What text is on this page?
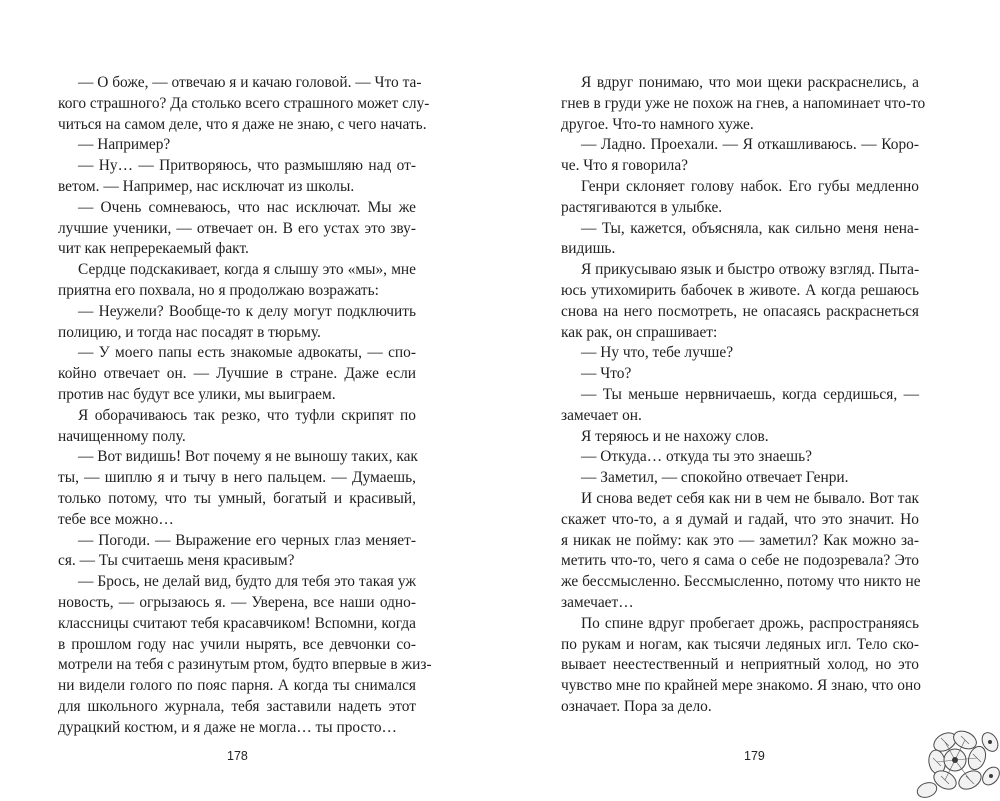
— О боже, — отвечаю я и качаю головой. — Что та-
кого страшного? Да столько всего страшного может слу-
читься на самом деле, что я даже не знаю, с чего начать.
— Например?
— Ну… — Притворяюсь, что размышляю над от-
ветом. — Например, нас исключат из школы.
— Очень сомневаюсь, что нас исключат. Мы же
лучшие ученики, — отвечает он. В его устах это зву-
чит как непререкаемый факт.
Сердце подскакивает, когда я слышу это «мы», мне
приятна его похвала, но я продолжаю возражать:
— Неужели? Вообще-то к делу могут подключить
полицию, и тогда нас посадят в тюрьму.
— У моего папы есть знакомые адвокаты, — спо-
койно отвечает он. — Лучшие в стране. Даже если
против нас будут все улики, мы выиграем.
Я оборачиваюсь так резко, что туфли скрипят по
начищенному полу.
— Вот видишь! Вот почему я не выношу таких, как
ты, — шиплю я и тычу в него пальцем. — Думаешь,
только потому, что ты умный, богатый и красивый,
тебе все можно…
— Погоди. — Выражение его черных глаз меняет-
ся. — Ты считаешь меня красивым?
— Брось, не делай вид, будто для тебя это такая уж
новость, — огрызаюсь я. — Уверена, все наши одно-
классницы считают тебя красавчиком! Вспомни, когда
в прошлом году нас учили нырять, все девчонки со-
мотрели на тебя с разинутым ртом, будто впервые в жиз-
ни видели голого по пояс парня. А когда ты снимался
для школьного журнала, тебя заставили надеть этот
дурацкий костюм, и я даже не могла… ты просто…
178
Я вдруг понимаю, что мои щеки раскраснелись, а
гнев в груди уже не похож на гнев, а напоминает что-то
другое. Что-то намного хуже.
— Ладно. Проехали. — Я откашливаюсь. — Коро-
че. Что я говорила?
Генри склоняет голову набок. Его губы медленно
растягиваются в улыбке.
— Ты, кажется, объясняла, как сильно меня нена-
видишь.
Я прикусываю язык и быстро отвожу взгляд. Пыта-
юсь утихомирить бабочек в животе. А когда решаюсь
снова на него посмотреть, не опасаясь раскраснеться
как рак, он спрашивает:
— Ну что, тебе лучше?
— Что?
— Ты меньше нервничаешь, когда сердишься, —
замечает он.
Я теряюсь и не нахожу слов.
— Откуда… откуда ты это знаешь?
— Заметил, — спокойно отвечает Генри.
И снова ведет себя как ни в чем не бывало. Вот так
скажет что-то, а я думай и гадай, что это значит. Но
я никак не пойму: как это — заметил? Как можно за-
метить что-то, чего я сама о себе не подозревала? Это
же бессмысленно. Бессмысленно, потому что никто не
замечает…
По спине вдруг пробегает дрожь, распространяясь
по рукам и ногам, как тысячи ледяных игл. Тело ско-
вывает неестественный и неприятный холод, но это
чувство мне по крайней мере знакомо. Я знаю, что оно
означает. Пора за дело.
179
